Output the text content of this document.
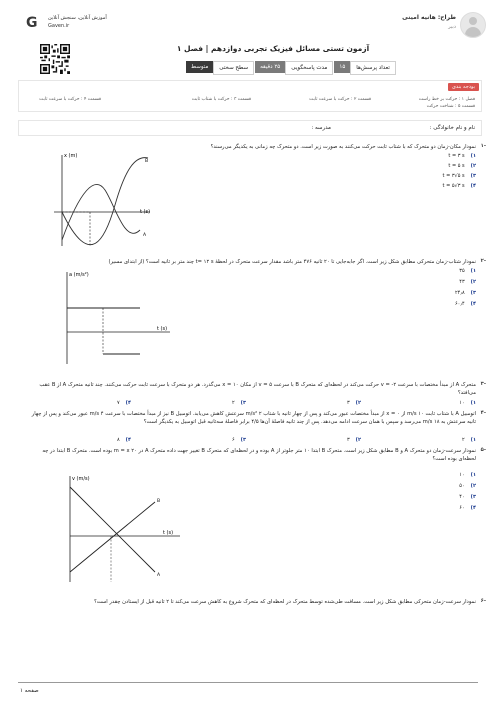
طراح: هانیه امینی
دبیر
G آموزش آنلاین، سنجش آنلاین
Gaven.ir
آزمون تستی مسائل فیزیک تجربی دوازدهم | فصل ۱
تعداد پرسش‌ها
۱۵
مدت پاسخگویی
۲۵ دقیقه
سطح سختی
متوسط
بودجه بندی
فصل ۱ : حرکت بر خط راست
قسمت ۲ : حرکت با سرعت ثابت
قسمت ۳ : حرکت با شتاب ثابت
قسمت ۴ : حرکت با سرعت ثابت
قسمت ۵ : شناخت حرکت
نام و نام خانوادگی :
مدرسه :
۱-
نمودار مکان-زمان دو متحرک که با شتاب ثابت حرکت می‌کنند به صورت زیر است. دو متحرک چه زمانی به یکدیگر می‌رسند؟
۱)t = ۳ s
۲)t = ۵ s
۳)t = ۳√۵ s
۴)t = ۵√۳ s
x (m)
t (s)
A
B
۲-
نمودار شتاب-زمان متحرکی مطابق شکل زیر است. اگر جابه‌جایی تا ۲۰ ثانیه ۴۷۶ متر باشد مقدار سرعت متحرک در لحظهٔ t= ۱۲ s چند متر بر ثانیه است؟ (از ابتدای مسیر)
۱)۳۵
۲)۴۳
۳)۲۴٫۸
۴)۶۰٫۴
a (m/s²)
t (s)
۳-
متحرک A از مبدأ مختصات با سرعت ۲- = v حرکت می‌کند در لحظه‌ای که متحرک B با سرعت ۵ = v از مکان ۱۰ = x می‌گذرد. هر دو متحرک با سرعت ثابت حرکت می‌کنند. چند ثانیه متحرک A از B عقب می‌افتد؟
۱)۱۰
۲)۳
۳)۲
۴)۷
۴-
اتومبیل A با شتاب ثابت ۱۰ m/s از ۰ = x از مبدأ مختصات عبور می‌کند و پس از چهار ثانیه با شتاب ۲ m/s² سرعتش کاهش می‌یابد. اتومبیل B نیز از مبدأ مختصات با سرعت ۴ m/s عبور می‌کند و پس از چهار ثانیه سرعتش به ۱۸ m/s می‌رسد و سپس با همان سرعت ادامه می‌دهد. پس از چند ثانیه فاصلهٔ آن‌ها ۴/۵ برابر فاصلهٔ سه‌ثانیه قبل اتومبیل به یکدیگر است؟
۱)۲
۲)۳
۳)۶
۴)۸
۵-
نمودار سرعت-زمان دو متحرک A و B مطابق شکل زیر است. متحرک B ابتدا ۱۰ متر جلوتر از A بوده و در لحظه‌ای که متحرک B تغییر جهت داده متحرک A در ۲۰ m = x بوده است. متحرک B ابتدا در چه لحظه‌ای بوده است؟
۱)۱۰
۲)۵۰
۳)۴۰
۴)۶۰
v (m/s)
t (s)
A
B
۶-
نمودار سرعت-زمان متحرکی مطابق شکل زیر است. مسافت طی‌شده توسط متحرک در لحظه‌ای که متحرک شروع به کاهش سرعت می‌کند تا ۲ ثانیه قبل از ایستادن چقدر است؟
صفحه ۱
